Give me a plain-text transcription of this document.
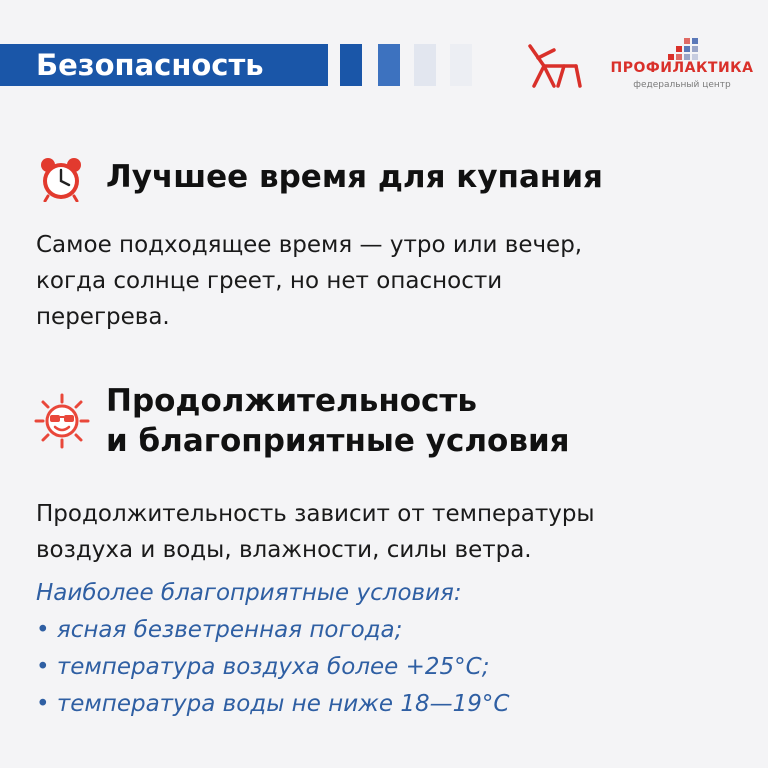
Безопасность	ПРОФИЛАКТИКА
федеральный центр
Лучшее время для купания
Самое подходящее время — утро или вечер,
когда солнце греет, но нет опасности
перегрева.
Продолжительность
и благоприятные условия
Продолжительность зависит от температуры
воздуха и воды, влажности, силы ветра.
Наиболее благоприятные условия:
• ясная безветренная погода;
• температура воздуха более +25°С;
• температура воды не ниже 18—19°С
